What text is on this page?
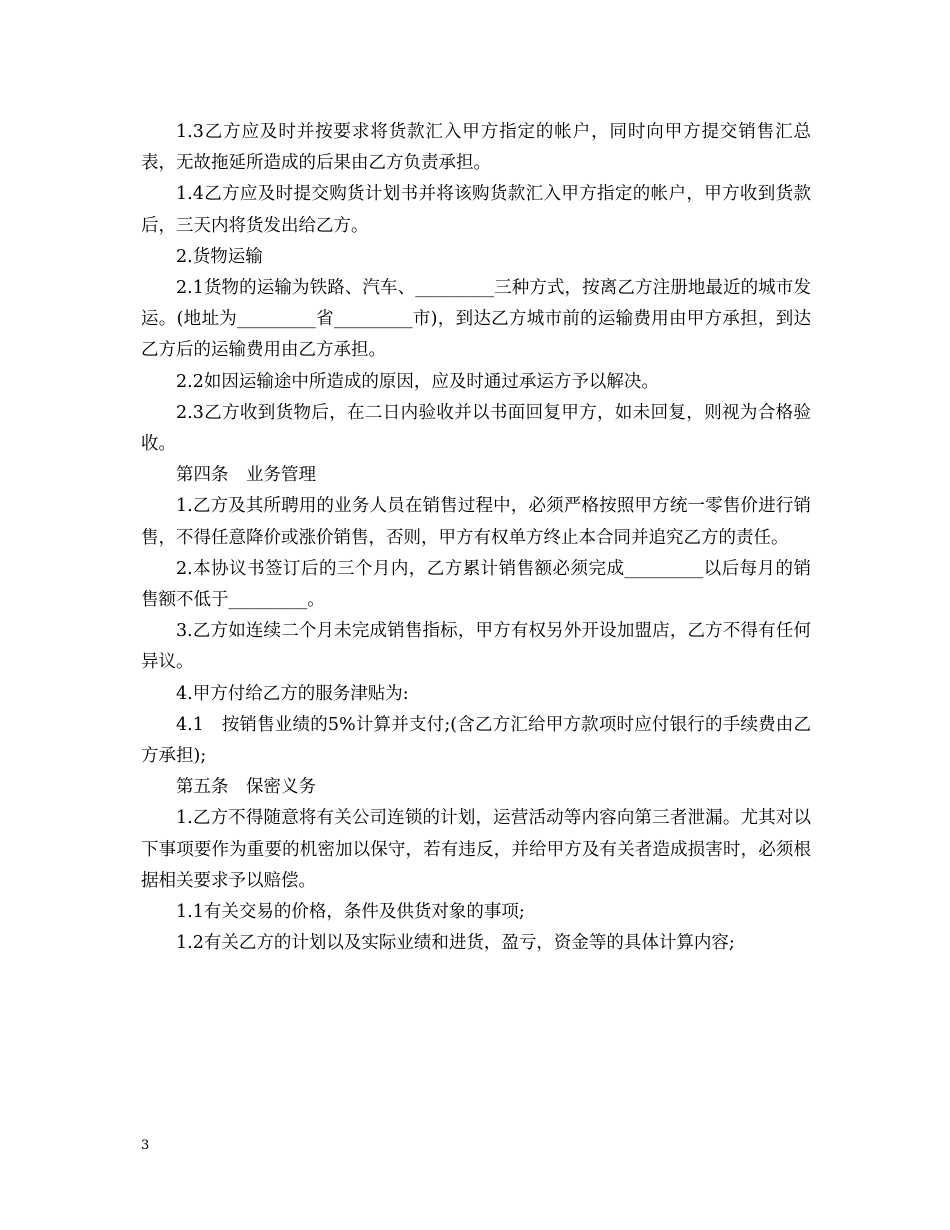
1.3乙方应及时并按要求将货款汇入甲方指定的帐户，同时向甲方提交销售汇总表，无故拖延所造成的后果由乙方负责承担。

1.4乙方应及时提交购货计划书并将该购货款汇入甲方指定的帐户，甲方收到货款后，三天内将货发出给乙方。

2.货物运输

2.1货物的运输为铁路、汽车、_________三种方式，按离乙方注册地最近的城市发运。(地址为_________省_________市)，到达乙方城市前的运输费用由甲方承担，到达乙方后的运输费用由乙方承担。

2.2如因运输途中所造成的原因，应及时通过承运方予以解决。

2.3乙方收到货物后，在二日内验收并以书面回复甲方，如未回复，则视为合格验收。

第四条　业务管理

1.乙方及其所聘用的业务人员在销售过程中，必须严格按照甲方统一零售价进行销售，不得任意降价或涨价销售，否则，甲方有权单方终止本合同并追究乙方的责任。

2.本协议书签订后的三个月内，乙方累计销售额必须完成_________以后每月的销售额不低于_________。

3.乙方如连续二个月未完成销售指标，甲方有权另外开设加盟店，乙方不得有任何异议。

4.甲方付给乙方的服务津贴为:

4.1　按销售业绩的5%计算并支付;(含乙方汇给甲方款项时应付银行的手续费由乙方承担);

第五条　保密义务

1.乙方不得随意将有关公司连锁的计划，运营活动等内容向第三者泄漏。尤其对以下事项要作为重要的机密加以保守，若有违反，并给甲方及有关者造成损害时，必须根据相关要求予以赔偿。

1.1有关交易的价格，条件及供货对象的事项;

1.2有关乙方的计划以及实际业绩和进货，盈亏，资金等的具体计算内容;

3
